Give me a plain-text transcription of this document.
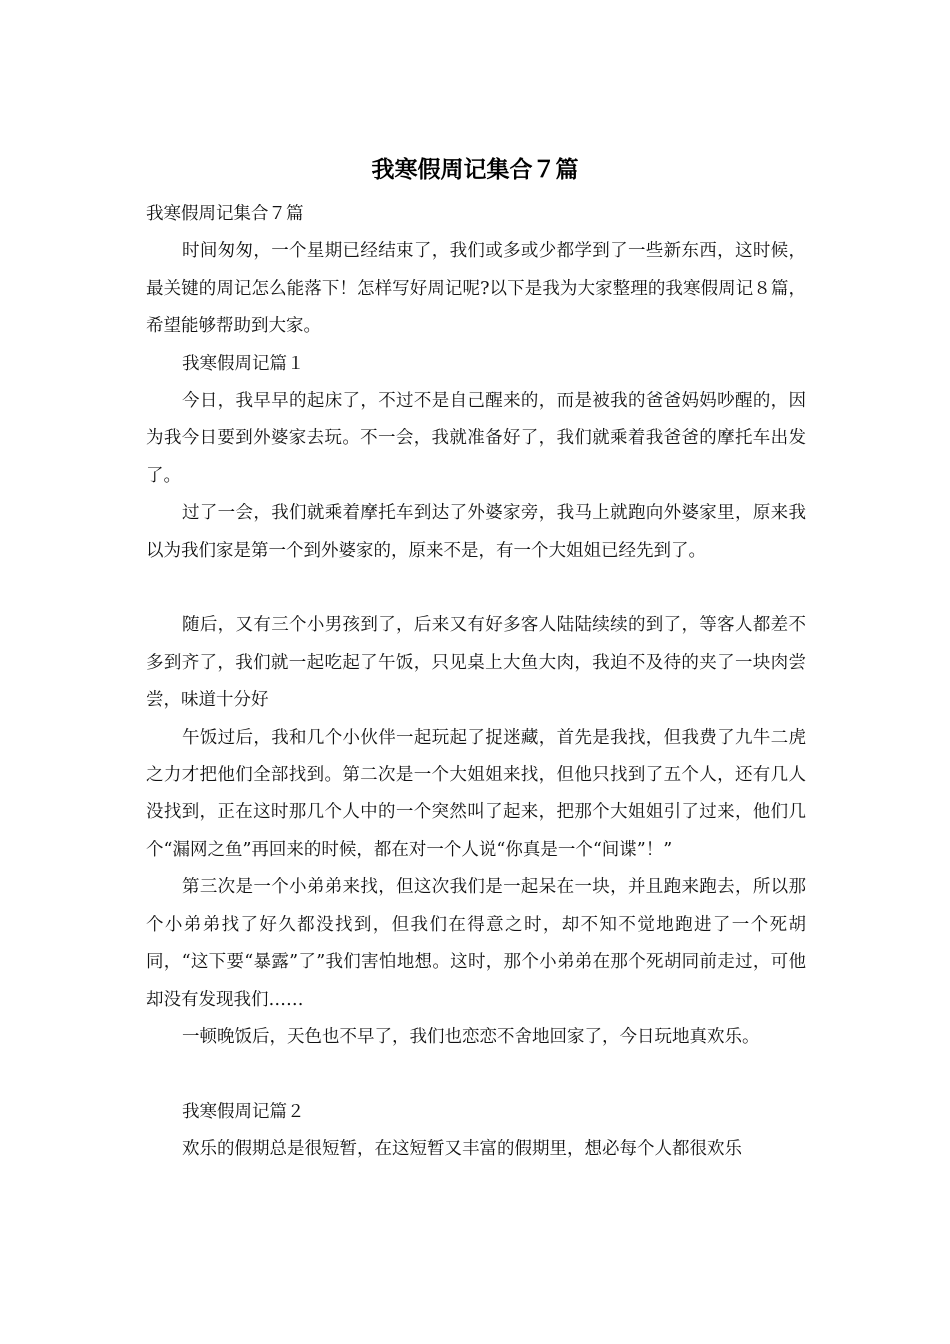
我寒假周记集合７篇

我寒假周记集合７篇

时间匆匆，一个星期已经结束了，我们或多或少都学到了一些新东西，这时候，最关键的周记怎么能落下！怎样写好周记呢?以下是我为大家整理的我寒假周记８篇，希望能够帮助到大家。

我寒假周记篇１

今日，我早早的起床了，不过不是自己醒来的，而是被我的爸爸妈妈吵醒的，因为我今日要到外婆家去玩。不一会，我就准备好了，我们就乘着我爸爸的摩托车出发了。

过了一会，我们就乘着摩托车到达了外婆家旁，我马上就跑向外婆家里，原来我以为我们家是第一个到外婆家的，原来不是，有一个大姐姐已经先到了。

随后，又有三个小男孩到了，后来又有好多客人陆陆续续的到了，等客人都差不多到齐了，我们就一起吃起了午饭，只见桌上大鱼大肉，我迫不及待的夹了一块肉尝尝，味道十分好

午饭过后，我和几个小伙伴一起玩起了捉迷藏，首先是我找，但我费了九牛二虎之力才把他们全部找到。第二次是一个大姐姐来找，但他只找到了五个人，还有几人没找到，正在这时那几个人中的一个突然叫了起来，把那个大姐姐引了过来，他们几个“漏网之鱼”再回来的时候，都在对一个人说“你真是一个“间谍”！”

第三次是一个小弟弟来找，但这次我们是一起呆在一块，并且跑来跑去，所以那个小弟弟找了好久都没找到，但我们在得意之时，却不知不觉地跑进了一个死胡同，“这下要“暴露”了”我们害怕地想。这时，那个小弟弟在那个死胡同前走过，可他却没有发现我们……

一顿晚饭后，天色也不早了，我们也恋恋不舍地回家了，今日玩地真欢乐。

我寒假周记篇２

欢乐的假期总是很短暂，在这短暂又丰富的假期里，想必每个人都很欢乐
